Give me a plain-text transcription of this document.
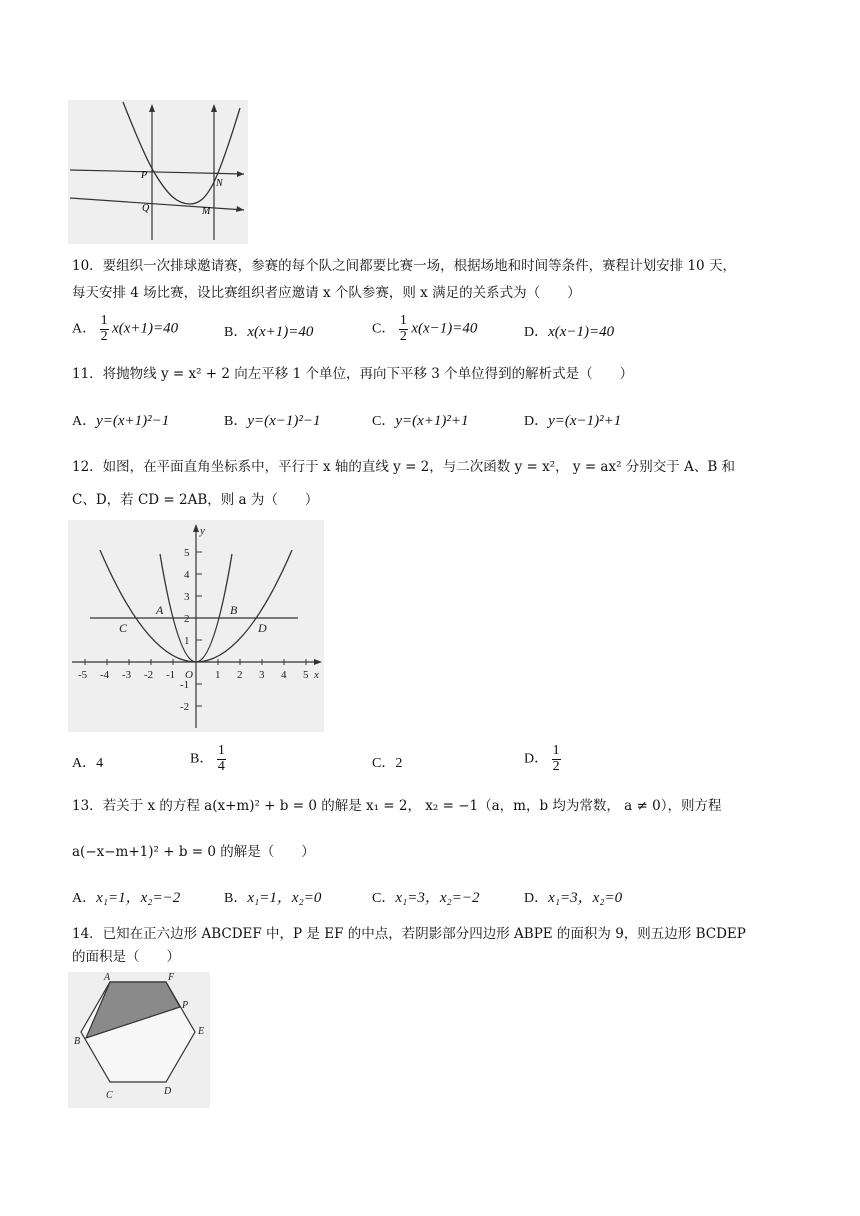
P
Q
N
M
10．要组织一次排球邀请赛，参赛的每个队之间都要比赛一场，根据场地和时间等条件，赛程计划安排 10 天，
每天安排 4 场比赛，设比赛组织者应邀请 x 个队参赛，则 x 满足的关系式为（　　）
A． $\frac{1}{2} x(x+1)=40$	B．x(x+1)=40	C． $\frac{1}{2} x(x-1)=40$	D．x(x−1)=40
11．将抛物线 y = x² + 2 向左平移 1 个单位，再向下平移 3 个单位得到的解析式是（　　）
A．y=(x+1)²−1	B．y=(x−1)²−1	C．y=(x+1)²+1	D．y=(x−1)²+1
12．如图，在平面直角坐标系中，平行于 x 轴的直线 y = 2，与二次函数 y = x²， y = ax² 分别交于 A、B 和
C、D，若 CD = 2AB，则 a 为（　　）
-5 -4 -3 -2 -1 O 1 2 3 4 5 x
5
4
3
2
1
-1
-2
y
A	B
C	D
A．4	B． $\frac{1}{4}$	C．2	D． $\frac{1}{2}$
13．若关于 x 的方程 a(x+m)² + b = 0 的解是 x₁ = 2， x₂ = −1（a，m，b 均为常数， a ≠ 0），则方程
a(−x−m+1)² + b = 0 的解是（　　）
A．x₁=1，x₂=−2	B．x₁=1，x₂=0	C．x₁=3，x₂=−2	D．x₁=3，x₂=0
14．已知在正六边形 ABCDEF 中，P 是 EF 的中点，若阴影部分四边形 ABPE 的面积为 9，则五边形 BCDEP
的面积是（　　）
A	F
P
E
D
C
B
